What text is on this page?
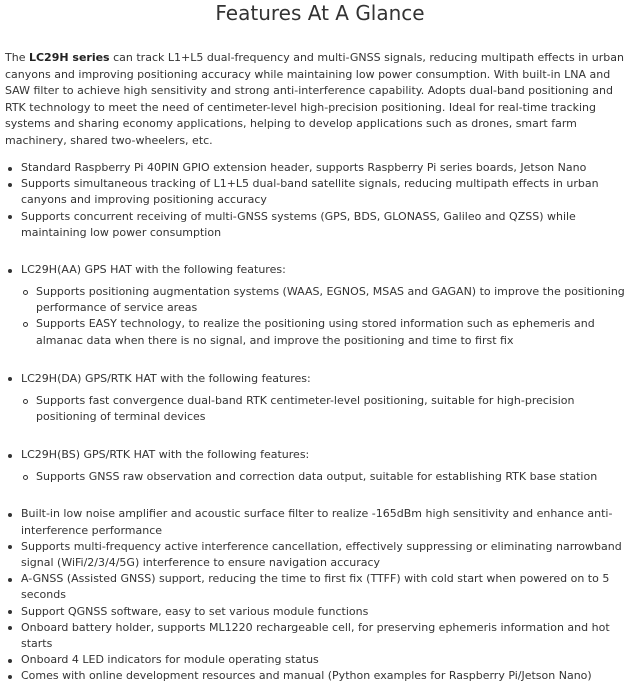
Features At A Glance

The LC29H series can track L1+L5 dual-frequency and multi-GNSS signals, reducing multipath effects in urban canyons and improving positioning accuracy while maintaining low power consumption. With built-in LNA and SAW filter to achieve high sensitivity and strong anti-interference capability. Adopts dual-band positioning and RTK technology to meet the need of centimeter-level high-precision positioning. Ideal for real-time tracking systems and sharing economy applications, helping to develop applications such as drones, smart farm machinery, shared two-wheelers, etc.

Standard Raspberry Pi 40PIN GPIO extension header, supports Raspberry Pi series boards, Jetson Nano
Supports simultaneous tracking of L1+L5 dual-band satellite signals, reducing multipath effects in urban canyons and improving positioning accuracy
Supports concurrent receiving of multi-GNSS systems (GPS, BDS, GLONASS, Galileo and QZSS) while maintaining low power consumption
LC29H(AA) GPS HAT with the following features:
Supports positioning augmentation systems (WAAS, EGNOS, MSAS and GAGAN) to improve the positioning performance of service areas
Supports EASY technology, to realize the positioning using stored information such as ephemeris and almanac data when there is no signal, and improve the positioning and time to first fix
LC29H(DA) GPS/RTK HAT with the following features:
Supports fast convergence dual-band RTK centimeter-level positioning, suitable for high-precision positioning of terminal devices
LC29H(BS) GPS/RTK HAT with the following features:
Supports GNSS raw observation and correction data output, suitable for establishing RTK base station
Built-in low noise amplifier and acoustic surface filter to realize -165dBm high sensitivity and enhance anti-interference performance
Supports multi-frequency active interference cancellation, effectively suppressing or eliminating narrowband signal (WiFi/2/3/4/5G) interference to ensure navigation accuracy
A-GNSS (Assisted GNSS) support, reducing the time to first fix (TTFF) with cold start when powered on to 5 seconds
Support QGNSS software, easy to set various module functions
Onboard battery holder, supports ML1220 rechargeable cell, for preserving ephemeris information and hot starts
Onboard 4 LED indicators for module operating status
Comes with online development resources and manual (Python examples for Raspberry Pi/Jetson Nano)
